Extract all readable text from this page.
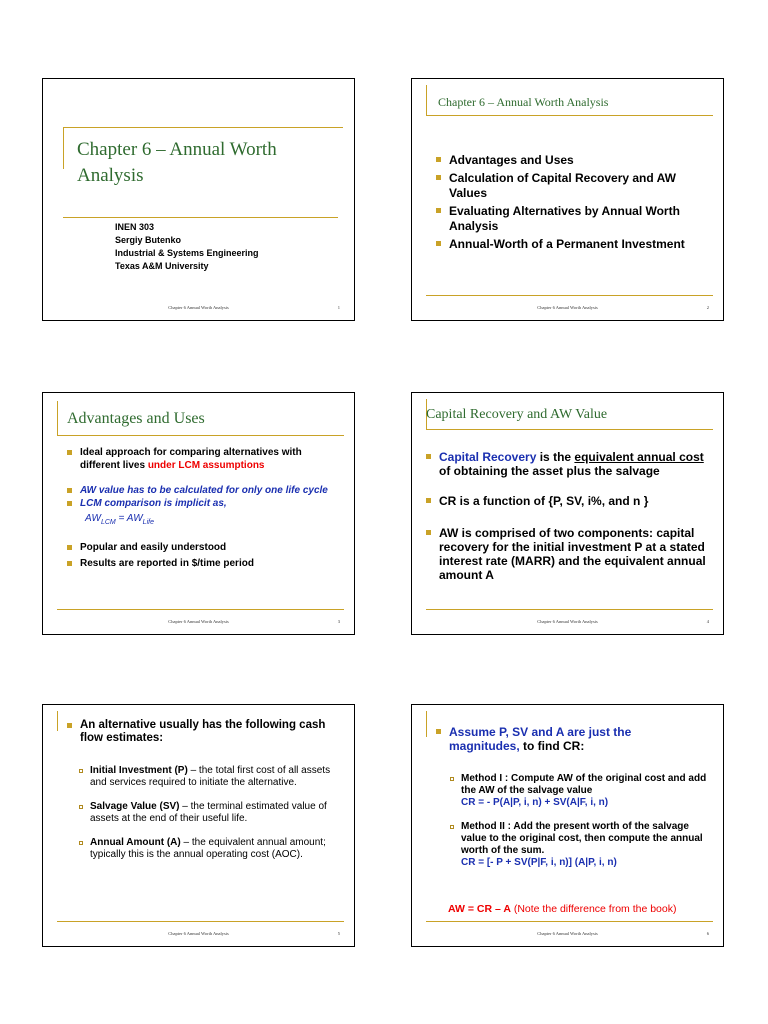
Chapter 6 – Annual Worth Analysis
INEN 303
Sergiy Butenko
Industrial & Systems Engineering
Texas A&M University
Chapter 6 Annual Worth Analysis	1
Chapter 6 – Annual Worth Analysis
Advantages and Uses
Calculation of Capital Recovery and AW Values
Evaluating Alternatives by Annual Worth Analysis
Annual-Worth of a Permanent Investment
Chapter 6 Annual Worth Analysis	2
Advantages and Uses
Ideal approach for comparing alternatives with different lives under LCM assumptions
AW value has to be calculated for only one life cycle
LCM comparison is implicit as,
$AW_{LCM} = AW_{Life}$
Popular and easily understood
Results are reported in $/time period
Chapter 6 Annual Worth Analysis	3
Capital Recovery and AW Value
Capital Recovery is the equivalent annual cost of obtaining the asset plus the salvage
CR is a function of {P, SV, i%, and n }
AW is comprised of two components: capital recovery for the initial investment P at a stated interest rate (MARR) and the equivalent annual amount A
Chapter 6 Annual Worth Analysis	4
An alternative usually has the following cash flow estimates:
Initial Investment (P) – the total first cost of all assets and services required to initiate the alternative.
Salvage Value (SV) – the terminal estimated value of assets at the end of their useful life.
Annual Amount (A) – the equivalent annual amount; typically this is the annual operating cost (AOC).
Chapter 6 Annual Worth Analysis	5
Assume P, SV and A are just the magnitudes, to find CR:
Method I : Compute AW of the original cost and add the AW of the salvage value
CR = - P(A|P, i, n) + SV(A|F, i, n)
Method II : Add the present worth of the salvage value to the original cost, then compute the annual worth of the sum.
CR = [- P + SV(P|F, i, n)] (A|P, i, n)
AW = CR – A (Note the difference from the book)
Chapter 6 Annual Worth Analysis	6
